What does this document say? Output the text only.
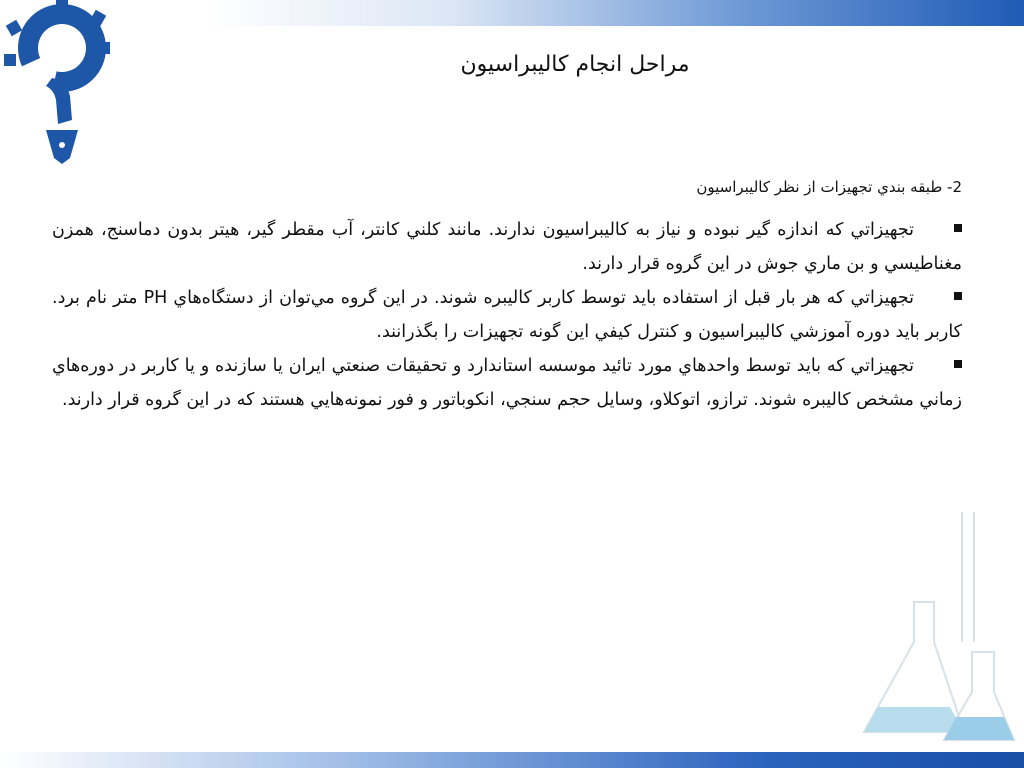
مراحل انجام كاليبراسيون
2- طبقه بندي تجهيزات از نظر كاليبراسيون
تجهيزاتي كه اندازه گير نبوده و نياز به كاليبراسيون ندارند. مانند كلني كانتر، آب مقطر گير، هيتر بدون دماسنج، همزن مغناطيسي و بن ماري جوش در اين گروه قرار دارند.
تجهيزاتي كه هر بار قبل از استفاده بايد توسط كاربر كاليبره شوند. در اين گروه مي‌توان از دستگاه‌هاي PH متر نام برد. كاربر بايد دوره آموزشي كاليبراسيون و كنترل كيفي اين گونه تجهيزات را بگذرانند.
تجهيزاتي كه بايد توسط واحدهاي مورد تائيد موسسه استاندارد و تحقيقات صنعتي ايران يا سازنده و يا كاربر در دوره‌هاي زماني مشخص كاليبره شوند. ترازو، اتوكلاو، وسايل حجم سنجي، انكوباتور و فور نمونه‌هايي هستند كه در اين گروه قرار دارند.
